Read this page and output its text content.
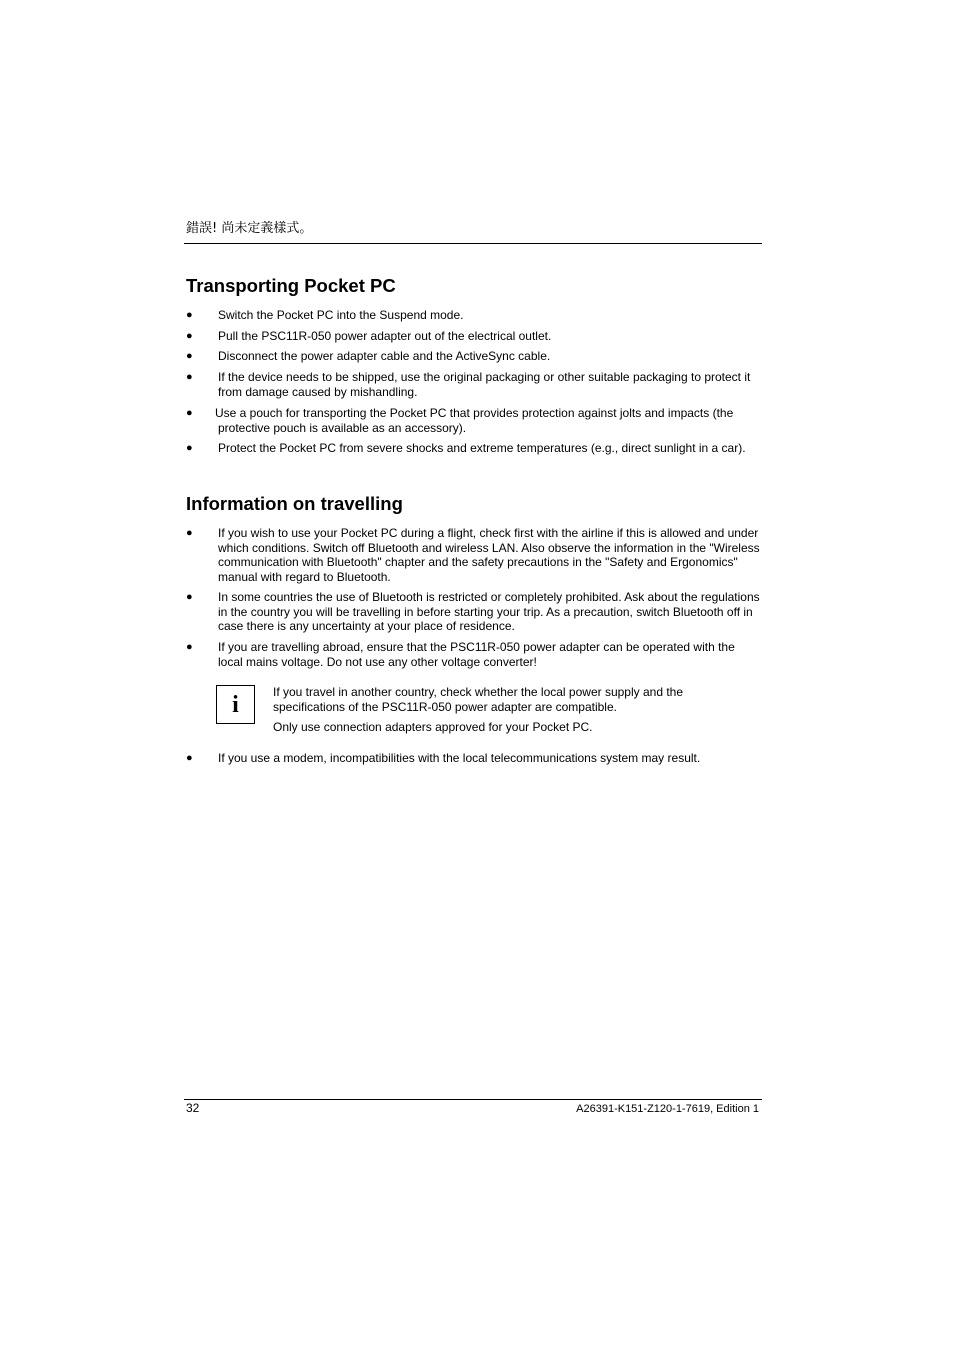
錯誤! 尚未定義樣式。
Transporting Pocket PC
● Switch the Pocket PC into the Suspend mode.
● Pull the PSC11R-050 power adapter out of the electrical outlet.
● Disconnect the power adapter cable and the ActiveSync cable.
● If the device needs to be shipped, use the original packaging or other suitable packaging to protect it from damage caused by mishandling.
● Use a pouch for transporting the Pocket PC that provides protection against jolts and impacts (the protective pouch is available as an accessory).
● Protect the Pocket PC from severe shocks and extreme temperatures (e.g., direct sunlight in a car).
Information on travelling
● If you wish to use your Pocket PC during a flight, check first with the airline if this is allowed and under which conditions. Switch off Bluetooth and wireless LAN. Also observe the information in the "Wireless communication with Bluetooth" chapter and the safety precautions in the "Safety and Ergonomics" manual with regard to Bluetooth.
● In some countries the use of Bluetooth is restricted or completely prohibited. Ask about the regulations in the country you will be travelling in before starting your trip. As a precaution, switch Bluetooth off in case there is any uncertainty at your place of residence.
● If you are travelling abroad, ensure that the PSC11R-050 power adapter can be operated with the local mains voltage. Do not use any other voltage converter!
i	If you travel in another country, check whether the local power supply and the specifications of the PSC11R-050 power adapter are compatible.
Only use connection adapters approved for your Pocket PC.
● If you use a modem, incompatibilities with the local telecommunications system may result.
32	A26391-K151-Z120-1-7619, Edition 1
